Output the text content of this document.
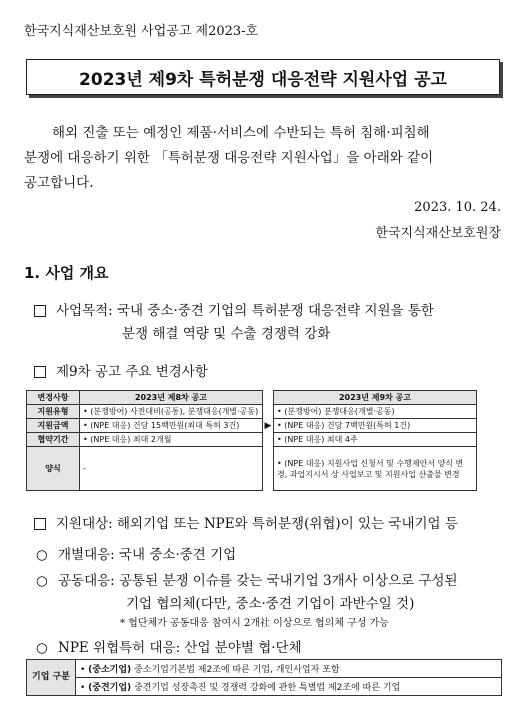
한국지식재산보호원 사업공고 제2023-호
2023년 제9차 특허분쟁 대응전략 지원사업 공고

해외 진출 또는 예정인 제품·서비스에 수반되는 특허 침해·피침해

분쟁에 대응하기 위한 「특허분쟁 대응전략 지원사업」을 아래와 같이
공고합니다.
2023. 10. 24.
한국지식재산보호원장
1. 사업 개요
사업목적: 국내 중소·중견 기업의 특허분쟁 대응전략 지원을 통한
분쟁 해결 역량 및 수출 경쟁력 강화
제9차 공고 주요 변경사항
변경사항	2023년 제8차 공고		2023년 제9차 공고
지원유형	• (분쟁방어) 사전대비(공통), 분쟁대응(개별·공동)		• (분쟁방어) 분쟁대응(개별·공동)
지원금액	• (NPE 대응) 건당 15백만원(최대 특허 3건)	▶	• (NPE 대응) 건당 7백만원(특허 1건)
협약기간	• (NPE 대응) 최대 2개월		• (NPE 대응) 최대 4주
양식	-		• (NPE 대응) 지원사업 신청서 및 수행제안서 양식 변경, 과업지시서 상 사업보고 및 지원사업 산출물 변경
지원대상: 해외기업 또는 NPE와 특허분쟁(위협)이 있는 국내기업 등
○ 개별대응: 국내 중소·중견 기업
○ 공동대응: 공통된 분쟁 이슈를 갖는 국내기업 3개사 이상으로 구성된
기업 협의체(다만, 중소·중견 기업이 과반수일 것)
* 협단체가 공동대응 참여시 2개社 이상으로 협의체 구성 가능
○ NPE 위협특허 대응: 산업 분야별 협·단체
기업 구분	• (중소기업) 중소기업기본법 제2조에 따른 기업, 개인사업자 포함
• (중견기업) 중견기업 성장촉진 및 경쟁력 강화에 관한 특별법 제2조에 따른 기업
